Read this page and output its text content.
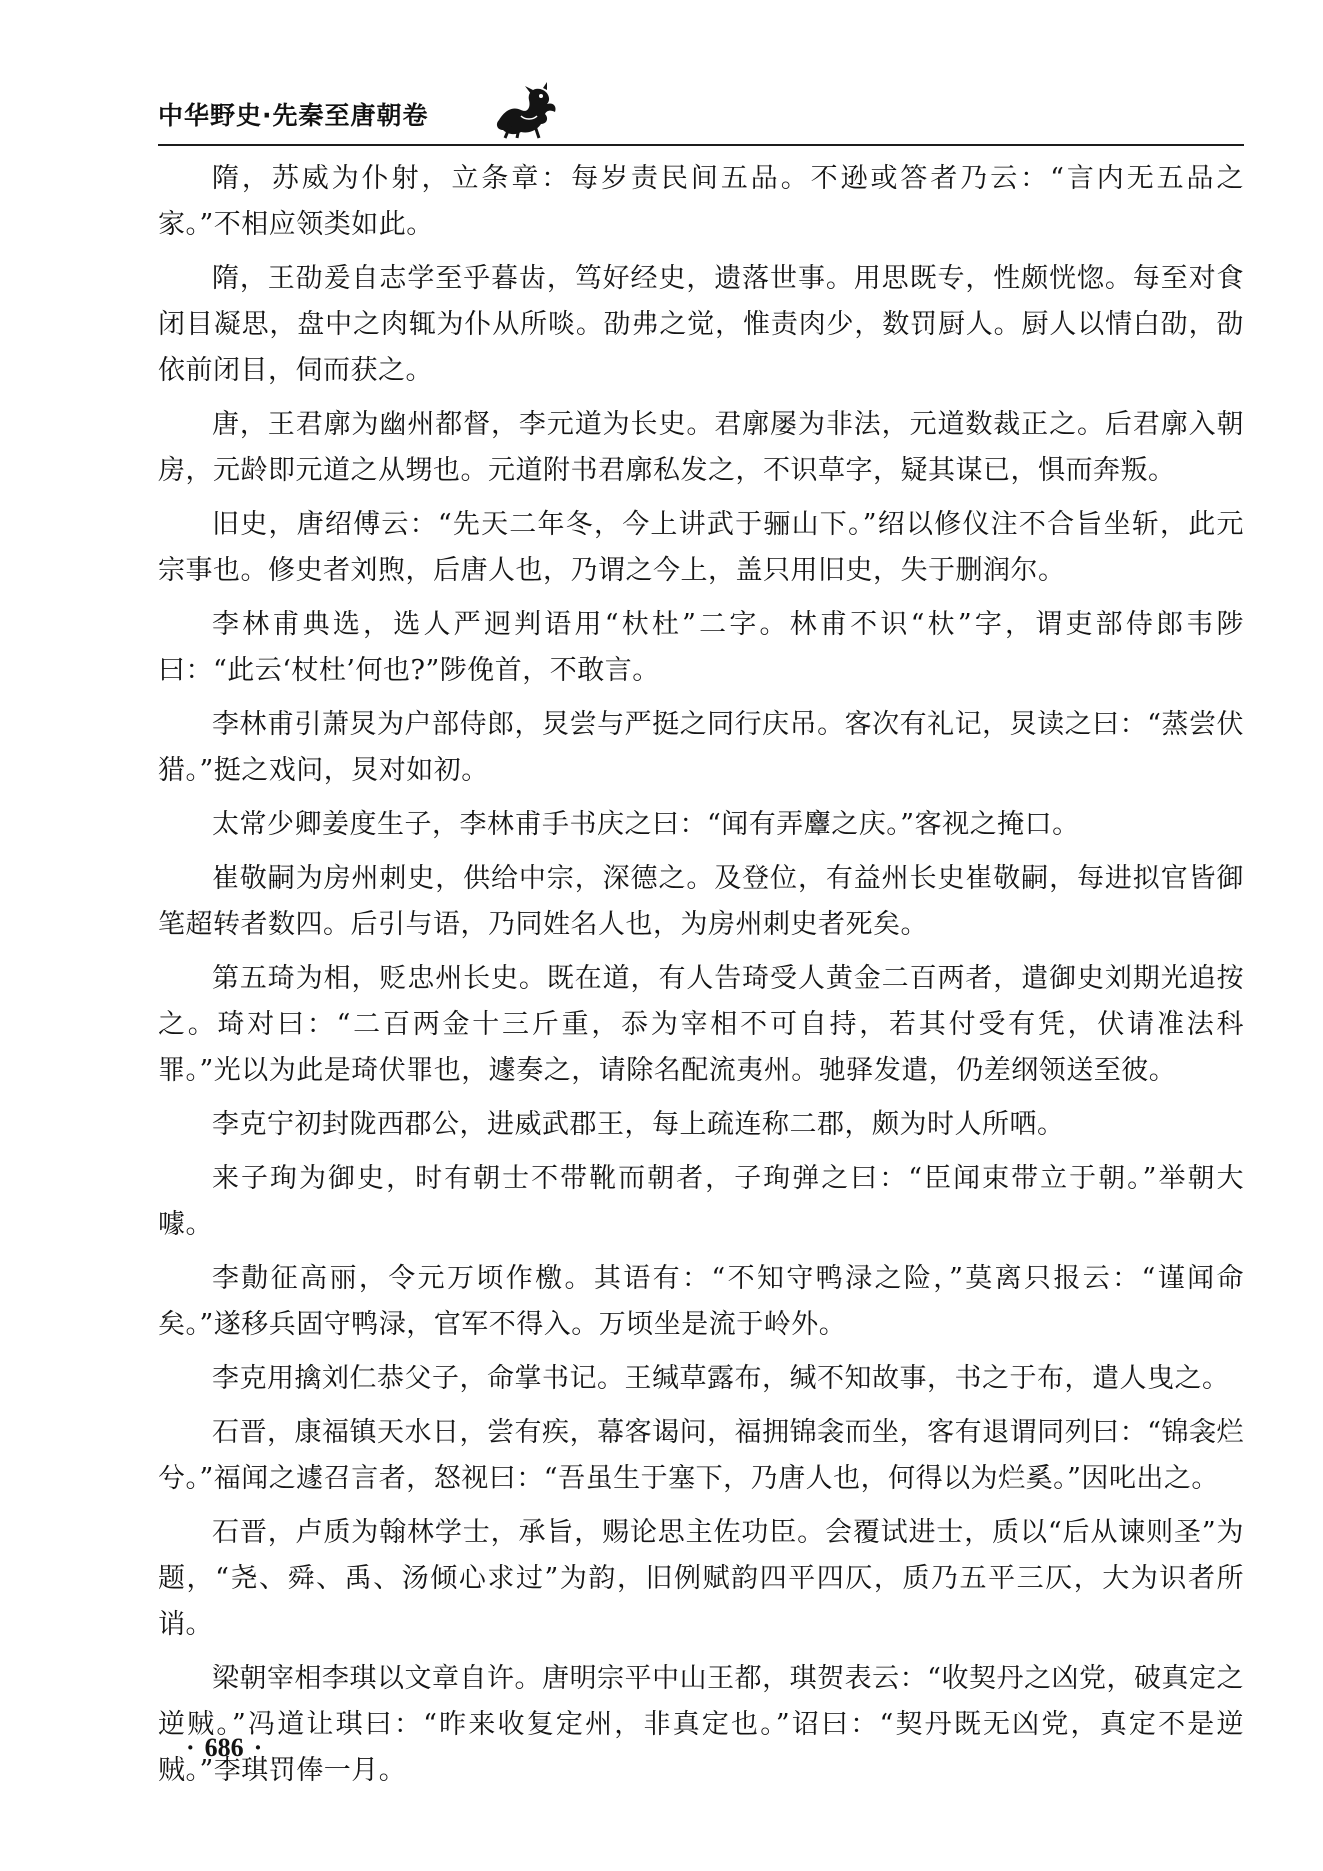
中华野史·先秦至唐朝卷

隋，苏威为仆射，立条章：每岁责民间五品。不逊或答者乃云：“言内无五品之家。”不相应领类如此。

隋，王劭爰自志学至乎暮齿，笃好经史，遗落世事。用思既专，性颇恍惚。每至对食闭目凝思，盘中之肉辄为仆从所啖。劭弗之觉，惟责肉少，数罚厨人。厨人以情白劭，劭依前闭目，伺而获之。

唐，王君廓为幽州都督，李元道为长史。君廓屡为非法，元道数裁正之。后君廓入朝房，元龄即元道之从甥也。元道附书君廓私发之，不识草字，疑其谋已，惧而奔叛。

旧史，唐绍傅云：“先天二年冬，今上讲武于骊山下。”绍以修仪注不合旨坐斩，此元宗事也。修史者刘煦，后唐人也，乃谓之今上，盖只用旧史，失于删润尔。

李林甫典选，选人严迥判语用“杕杜”二字。林甫不识“杕”字，谓吏部侍郎韦陟曰：“此云‘杖杜’何也?”陟俛首，不敢言。

李林甫引萧炅为户部侍郎，炅尝与严挺之同行庆吊。客次有礼记，炅读之曰：“蒸尝伏猎。”挺之戏问，炅对如初。

太常少卿姜度生子，李林甫手书庆之曰：“闻有弄麞之庆。”客视之掩口。

崔敬嗣为房州刺史，供给中宗，深德之。及登位，有益州长史崔敬嗣，每进拟官皆御笔超转者数四。后引与语，乃同姓名人也，为房州刺史者死矣。

第五琦为相，贬忠州长史。既在道，有人告琦受人黄金二百两者，遣御史刘期光追按之。琦对曰：“二百两金十三斤重，忝为宰相不可自持，若其付受有凭，伏请准法科罪。”光以为此是琦伏罪也，遽奏之，请除名配流夷州。驰驿发遣，仍差纲领送至彼。

李克宁初封陇西郡公，进威武郡王，每上疏连称二郡，颇为时人所哂。

来子珣为御史，时有朝士不带靴而朝者，子珣弹之曰：“臣闻束带立于朝。”举朝大噱。

李勣征高丽，令元万顷作檄。其语有：“不知守鸭渌之险，”莫离只报云：“谨闻命矣。”遂移兵固守鸭渌，官军不得入。万顷坐是流于岭外。

李克用擒刘仁恭父子，命掌书记。王缄草露布，缄不知故事，书之于布，遣人曳之。

石晋，康福镇天水日，尝有疾，幕客谒问，福拥锦衾而坐，客有退谓同列曰：“锦衾烂兮。”福闻之遽召言者，怒视曰：“吾虽生于塞下，乃唐人也，何得以为烂奚。”因叱出之。

石晋，卢质为翰林学士，承旨，赐论思主佐功臣。会覆试进士，质以“后从谏则圣”为题，“尧、舜、禹、汤倾心求过”为韵，旧例赋韵四平四仄，质乃五平三仄，大为识者所诮。

梁朝宰相李琪以文章自许。唐明宗平中山王都，琪贺表云：“收契丹之凶党，破真定之逆贼。”冯道让琪曰：“昨来收复定州，非真定也。”诏曰：“契丹既无凶党，真定不是逆贼。”李琪罚俸一月。

· 686 ·
